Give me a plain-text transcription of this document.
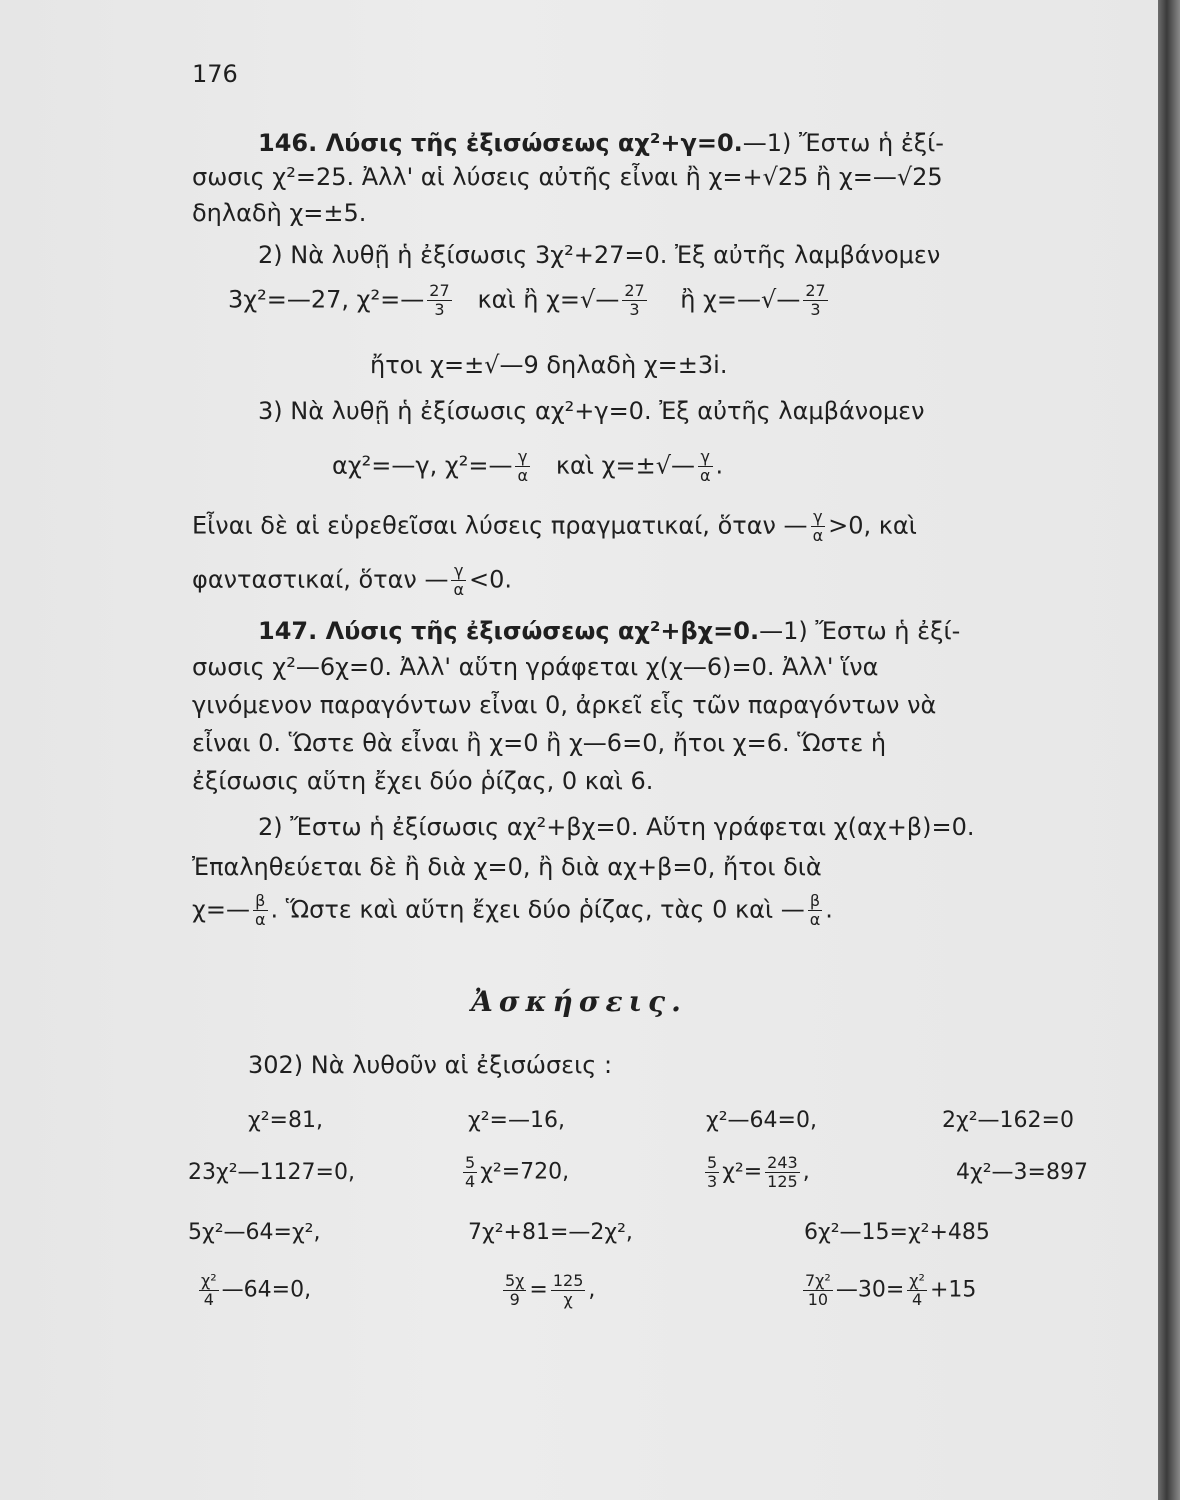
176
146. Λύσις τῆς ἐξισώσεως αχ²+γ=0.—1) Ἔστω ἡ ἐξί-
σωσις χ²=25. Ἀλλ' αἱ λύσεις αὐτῆς εἶναι ἢ χ=+√25 ἢ χ=—√25
δηλαδὴ χ=±5.
2) Νὰ λυθῇ ἡ ἐξίσωσις 3χ²+27=0. Ἐξ αὐτῆς λαμβάνομεν
3χ²=—27, χ²=— $\frac{27}{3}$ καὶ ἢ χ=√— $\frac{27}{3}$ ἢ χ=—√— $\frac{27}{3}$
ἤτοι χ=±√—9 δηλαδὴ χ=±3i.
3) Νὰ λυθῇ ἡ ἐξίσωσις αχ²+γ=0. Ἐξ αὐτῆς λαμβάνομεν
αχ²=—γ, χ²=— $\frac{\gamma}{\alpha}$ καὶ χ=±√— $\frac{\gamma}{\alpha}$ .
Εἶναι δὲ αἱ εὑρεθεῖσαι λύσεις πραγματικαί, ὅταν — $\frac{\gamma}{\alpha} >0$, καὶ
φανταστικαί, ὅταν — $\frac{\gamma}{\alpha} <0$.
147. Λύσις τῆς ἐξισώσεως αχ²+βχ=0.—1) Ἔστω ἡ ἐξί-
σωσις χ²—6χ=0. Ἀλλ' αὕτη γράφεται χ(χ—6)=0. Ἀλλ' ἵνα
γινόμενον παραγόντων εἶναι 0, ἀρκεῖ εἷς τῶν παραγόντων νὰ
εἶναι 0. Ὥστε θὰ εἶναι ἢ χ=0 ἢ χ—6=0, ἤτοι χ=6. Ὥστε ἡ
ἐξίσωσις αὕτη ἔχει δύο ῥίζας, 0 καὶ 6.
2) Ἔστω ἡ ἐξίσωσις αχ²+βχ=0. Αὕτη γράφεται χ(αχ+β)=0.
Ἐπαληθεύεται δὲ ἢ διὰ χ=0, ἢ διὰ αχ+β=0, ἤτοι διὰ
χ=— $\frac{\beta}{\alpha}$ . Ὥστε καὶ αὕτη ἔχει δύο ῥίζας, τὰς 0 καὶ — $\frac{\beta}{\alpha}$ .
Ἀσκήσεις.
302) Νὰ λυθοῦν αἱ ἐξισώσεις :
χ²=81,	χ²=—16,	χ²—64=0,	2χ²—162=0
23χ²—1127=0,	$\frac{5}{4} \chi^2=720$,	$\frac{5}{3} \chi^2= \frac{243}{125}$ ,	4χ²—3=897
5χ²—64=χ²,	7χ²+81=—2χ²,	6χ²—15=χ²+485
$\frac{\text{χ²}}{4}$ —64=0,	$\frac{5\chi}{9} = \frac{125}{\chi}$ ,	$\frac{\text{7χ²}}{10}$ —30= $\frac{\text{χ²}}{4} +15$
